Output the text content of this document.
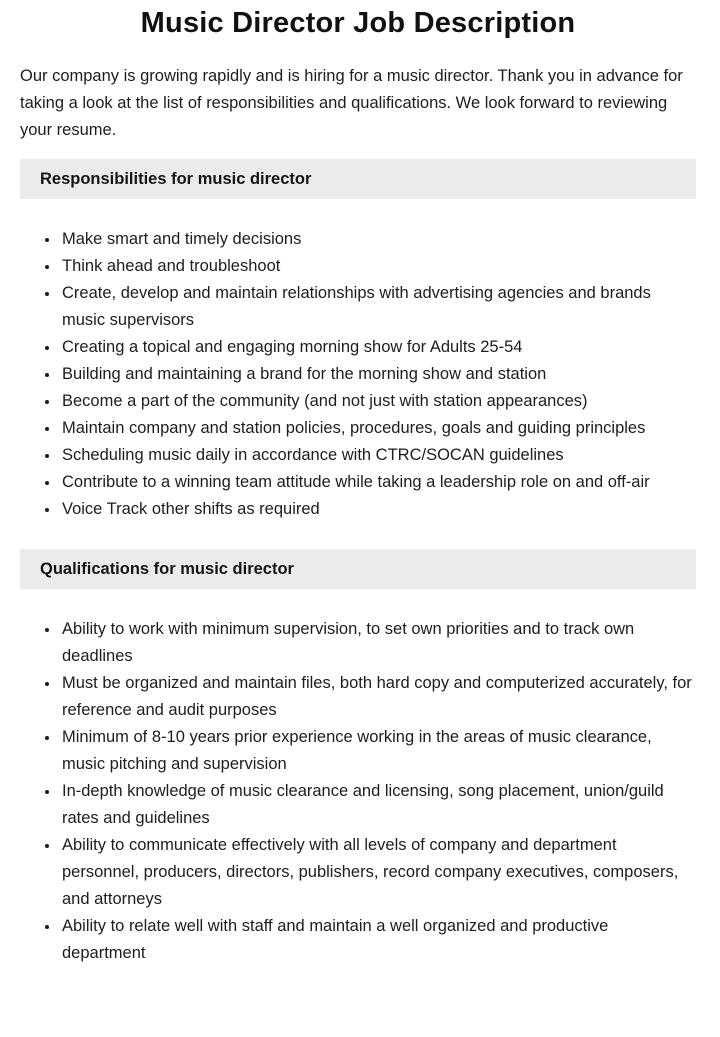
Music Director Job Description

Our company is growing rapidly and is hiring for a music director. Thank you in advance for taking a look at the list of responsibilities and qualifications. We look forward to reviewing your resume.

Responsibilities for music director
• Make smart and timely decisions
• Think ahead and troubleshoot
• Create, develop and maintain relationships with advertising agencies and brands music supervisors
• Creating a topical and engaging morning show for Adults 25-54
• Building and maintaining a brand for the morning show and station
• Become a part of the community (and not just with station appearances)
• Maintain company and station policies, procedures, goals and guiding principles
• Scheduling music daily in accordance with CTRC/SOCAN guidelines
• Contribute to a winning team attitude while taking a leadership role on and off-air
• Voice Track other shifts as required
Qualifications for music director
• Ability to work with minimum supervision, to set own priorities and to track own deadlines
• Must be organized and maintain files, both hard copy and computerized accurately, for reference and audit purposes
• Minimum of 8-10 years prior experience working in the areas of music clearance, music pitching and supervision
• In-depth knowledge of music clearance and licensing, song placement, union/guild rates and guidelines
• Ability to communicate effectively with all levels of company and department personnel, producers, directors, publishers, record company executives, composers, and attorneys
• Ability to relate well with staff and maintain a well organized and productive department
